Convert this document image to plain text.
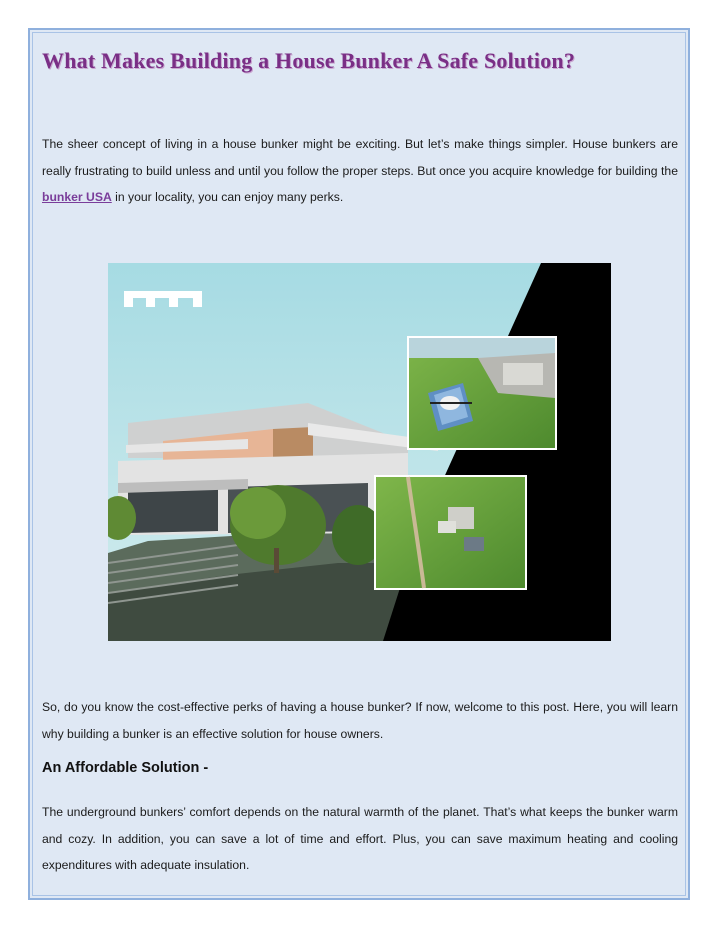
What Makes Building a House Bunker A Safe Solution?

The sheer concept of living in a house bunker might be exciting. But let’s make things simpler. House bunkers are really frustrating to build unless and until you follow the proper steps. But once you acquire knowledge for building the bunker USA in your locality, you can enjoy many perks.

So, do you know the cost-effective perks of having a house bunker? If now, welcome to this post. Here, you will learn why building a bunker is an effective solution for house owners.

An Affordable Solution -

The underground bunkers’ comfort depends on the natural warmth of the planet. That’s what keeps the bunker warm and cozy. In addition, you can save a lot of time and effort. Plus, you can save maximum heating and cooling expenditures with adequate insulation.
